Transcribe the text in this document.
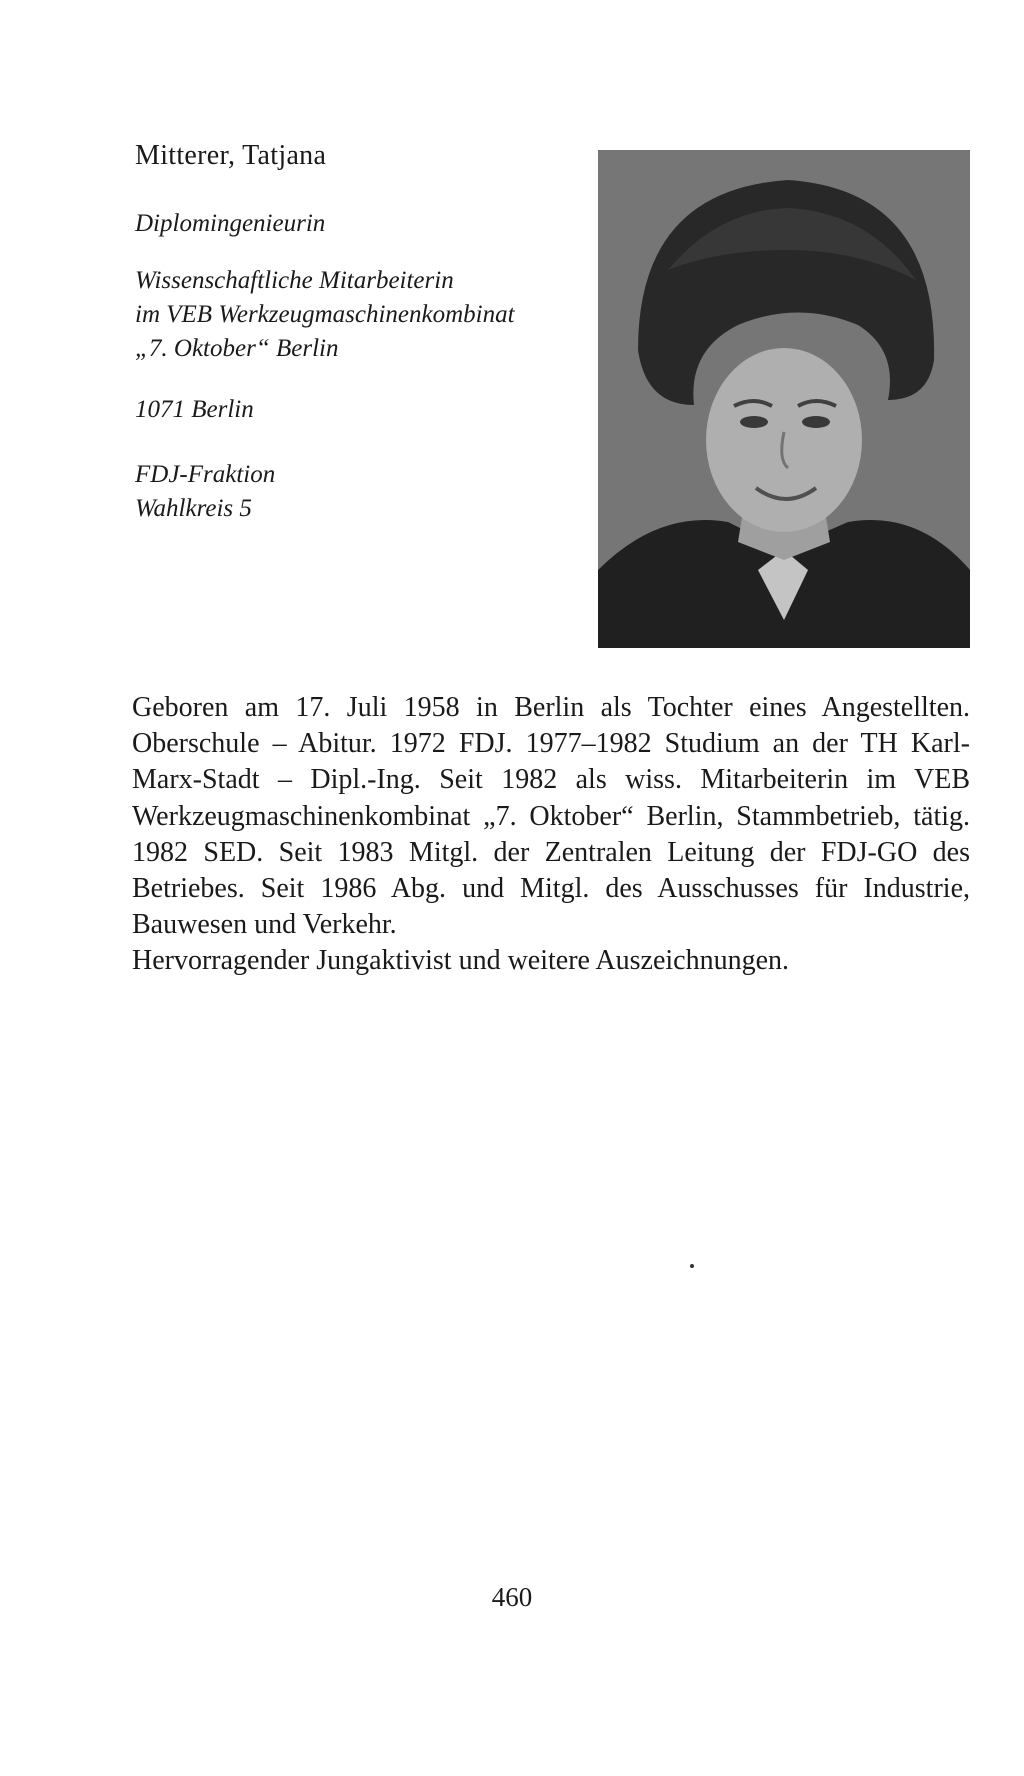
Mitterer, Tatjana
Diplomingenieurin
Wissenschaftliche Mitarbeiterin
im VEB Werkzeugmaschinenkombinat
„7. Oktober“ Berlin
1071 Berlin
FDJ-Fraktion
Wahlkreis 5

Geboren am 17. Juli 1958 in Berlin als Tochter eines Angestellten. Oberschule – Abitur. 1972 FDJ. 1977–1982 Studium an der TH Karl-Marx-Stadt – Dipl.-Ing. Seit 1982 als wiss. Mitarbeiterin im VEB Werkzeugmaschinenkombinat „7. Oktober“ Berlin, Stammbetrieb, tätig. 1982 SED. Seit 1983 Mitgl. der Zentralen Leitung der FDJ-GO des Betriebes. Seit 1986 Abg. und Mitgl. des Ausschusses für Industrie, Bauwesen und Verkehr.

Hervorragender Jungaktivist und weitere Auszeichnungen.

460
